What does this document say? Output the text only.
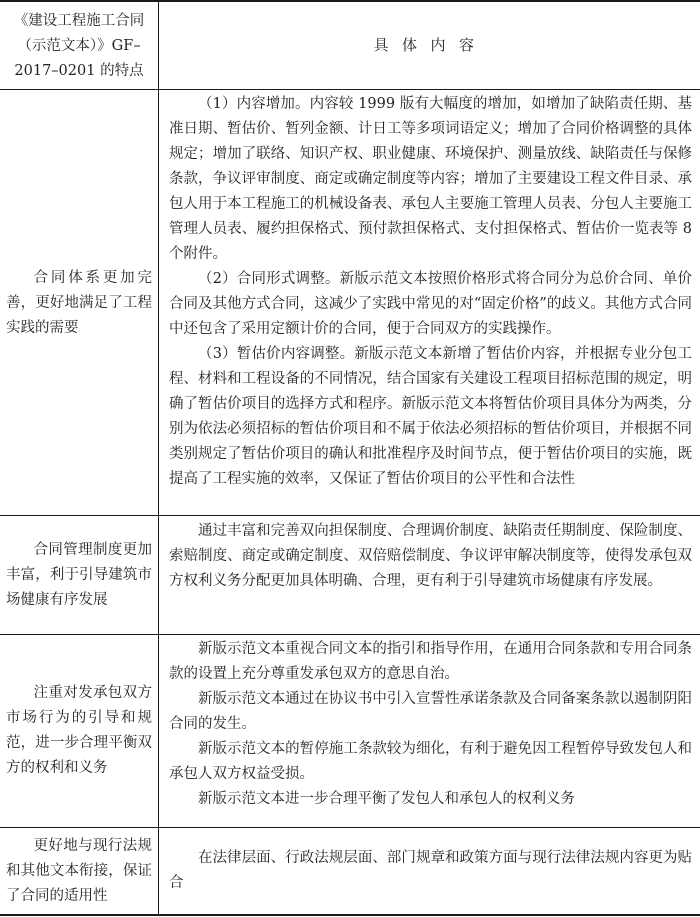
《建设工程施工合同

（示范文本）》GF–

2017–0201 的特点

具体内容

合同体系更加完善，更好地满足了工程实践的需要

（1）内容增加。内容较 1999 版有大幅度的增加，如增加了缺陷责任期、基准日期、暂估价、暂列金额、计日工等多项词语定义；增加了合同价格调整的具体规定；增加了联络、知识产权、职业健康、环境保护、测量放线、缺陷责任与保修条款，争议评审制度、商定或确定制度等内容；增加了主要建设工程文件目录、承包人用于本工程施工的机械设备表、承包人主要施工管理人员表、分包人主要施工管理人员表、履约担保格式、预付款担保格式、支付担保格式、暂估价一览表等 8 个附件。

（2）合同形式调整。新版示范文本按照价格形式将合同分为总价合同、单价合同及其他方式合同，这减少了实践中常见的对“固定价格”的歧义。其他方式合同中还包含了采用定额计价的合同，便于合同双方的实践操作。

（3）暂估价内容调整。新版示范文本新增了暂估价内容，并根据专业分包工程、材料和工程设备的不同情况，结合国家有关建设工程项目招标范围的规定，明确了暂估价项目的选择方式和程序。新版示范文本将暂估价项目具体分为两类，分别为依法必须招标的暂估价项目和不属于依法必须招标的暂估价项目，并根据不同类别规定了暂估价项目的确认和批准程序及时间节点，便于暂估价项目的实施，既提高了工程实施的效率，又保证了暂估价项目的公平性和合法性

合同管理制度更加丰富，利于引导建筑市场健康有序发展

通过丰富和完善双向担保制度、合理调价制度、缺陷责任期制度、保险制度、索赔制度、商定或确定制度、双倍赔偿制度、争议评审解决制度等，使得发承包双方权利义务分配更加具体明确、合理，更有利于引导建筑市场健康有序发展。

注重对发承包双方市场行为的引导和规范，进一步合理平衡双方的权利和义务

新版示范文本重视合同文本的指引和指导作用，在通用合同条款和专用合同条款的设置上充分尊重发承包双方的意思自治。

新版示范文本通过在协议书中引入宣誓性承诺条款及合同备案条款以遏制阴阳合同的发生。

新版示范文本的暂停施工条款较为细化，有利于避免因工程暂停导致发包人和承包人双方权益受损。

新版示范文本进一步合理平衡了发包人和承包人的权利义务

更好地与现行法规和其他文本衔接，保证了合同的适用性

在法律层面、行政法规层面、部门规章和政策方面与现行法律法规内容更为贴合
